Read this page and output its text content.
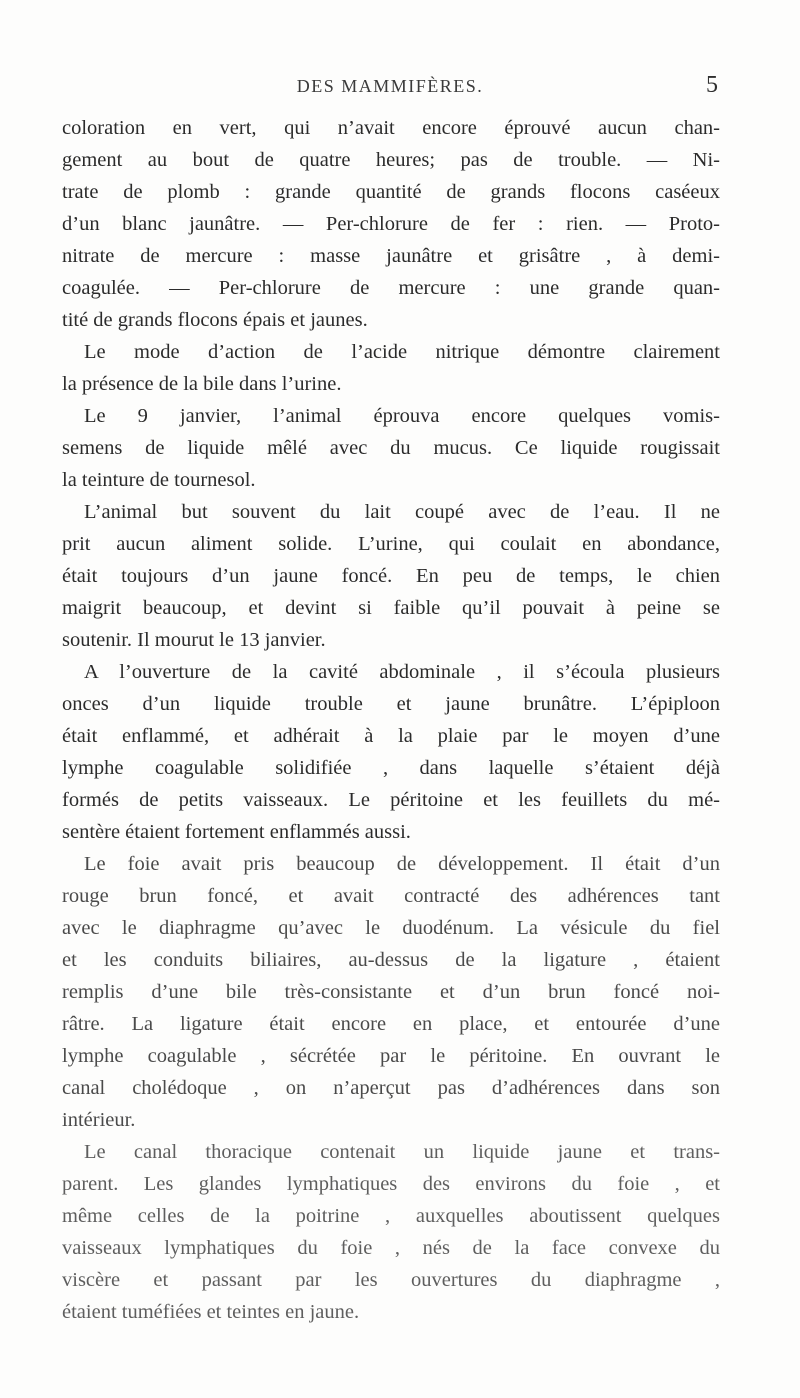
DES MAMMIFÈRES.	5
coloration en vert, qui n’avait encore éprouvé aucun chan-
gement au bout de quatre heures; pas de trouble. — Ni-
trate de plomb : grande quantité de grands flocons caséeux
d’un blanc jaunâtre. — Per-chlorure de fer : rien. — Proto-
nitrate de mercure : masse jaunâtre et grisâtre , à demi-
coagulée. — Per-chlorure de mercure : une grande quan-
tité de grands flocons épais et jaunes.
Le mode d’action de l’acide nitrique démontre clairement
la présence de la bile dans l’urine.
Le 9 janvier, l’animal éprouva encore quelques vomis-
semens de liquide mêlé avec du mucus. Ce liquide rougissait
la teinture de tournesol.
L’animal but souvent du lait coupé avec de l’eau. Il ne
prit aucun aliment solide. L’urine, qui coulait en abondance,
était toujours d’un jaune foncé. En peu de temps, le chien
maigrit beaucoup, et devint si faible qu’il pouvait à peine se
soutenir. Il mourut le 13 janvier.
A l’ouverture de la cavité abdominale , il s’écoula plusieurs
onces d’un liquide trouble et jaune brunâtre. L’épiploon
était enflammé, et adhérait à la plaie par le moyen d’une
lymphe coagulable solidifiée , dans laquelle s’étaient déjà
formés de petits vaisseaux. Le péritoine et les feuillets du mé-
sentère étaient fortement enflammés aussi.
Le foie avait pris beaucoup de développement. Il était d’un
rouge brun foncé, et avait contracté des adhérences tant
avec le diaphragme qu’avec le duodénum. La vésicule du fiel
et les conduits biliaires, au-dessus de la ligature , étaient
remplis d’une bile très-consistante et d’un brun foncé noi-
râtre. La ligature était encore en place, et entourée d’une
lymphe coagulable , sécrétée par le péritoine. En ouvrant le
canal cholédoque , on n’aperçut pas d’adhérences dans son
intérieur.
Le canal thoracique contenait un liquide jaune et trans-
parent. Les glandes lymphatiques des environs du foie , et
même celles de la poitrine , auxquelles aboutissent quelques
vaisseaux lymphatiques du foie , nés de la face convexe du
viscère et passant par les ouvertures du diaphragme ,
étaient tuméfiées et teintes en jaune.
